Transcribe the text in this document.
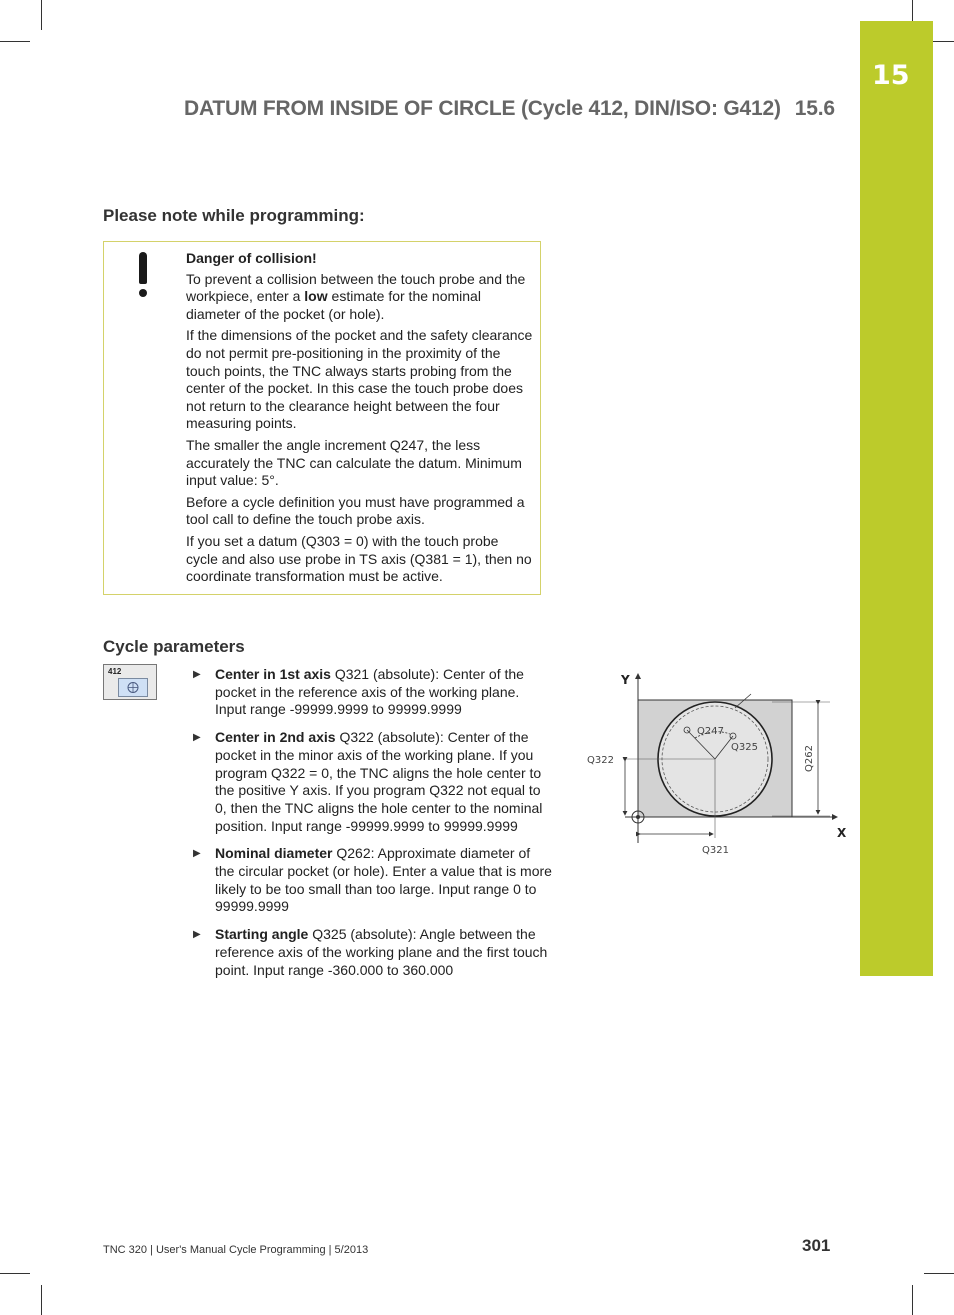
15
DATUM FROM INSIDE OF CIRCLE (Cycle 412, DIN/ISO: G412) 15.6
Please note while programming:

Danger of collision!

To prevent a collision between the touch probe and the workpiece, enter a low estimate for the nominal diameter of the pocket (or hole).

If the dimensions of the pocket and the safety clearance do not permit pre-positioning in the proximity of the touch points, the TNC always starts probing from the center of the pocket. In this case the touch probe does not return to the clearance height between the four measuring points.

The smaller the angle increment Q247, the less accurately the TNC can calculate the datum. Minimum input value: 5°.

Before a cycle definition you must have programmed a tool call to define the touch probe axis.

If you set a datum (Q303 = 0) with the touch probe cycle and also use probe in TS axis (Q381 = 1), then no coordinate transformation must be active.

Cycle parameters
412	▶ Center in 1st axis Q321 (absolute): Center of the pocket in the reference axis of the working plane. Input range -99999.9999 to 99999.9999
▶ Center in 2nd axis Q322 (absolute): Center of the pocket in the minor axis of the working plane. If you program Q322 = 0, the TNC aligns the hole center to the positive Y axis. If you program Q322 not equal to 0, then the TNC aligns the hole center to the nominal position. Input range -99999.9999 to 99999.9999
▶ Nominal diameter Q262: Approximate diameter of the circular pocket (or hole). Enter a value that is more likely to be too small than too large. Input range 0 to 99999.9999
▶ Starting angle Q325 (absolute): Angle between the reference axis of the working plane and the first touch point. Input range -360.000 to 360.000
Y
X
Q247
Q325
Q322
Q321
Q262
TNC 320 | User's Manual Cycle Programming | 5/2013	301
